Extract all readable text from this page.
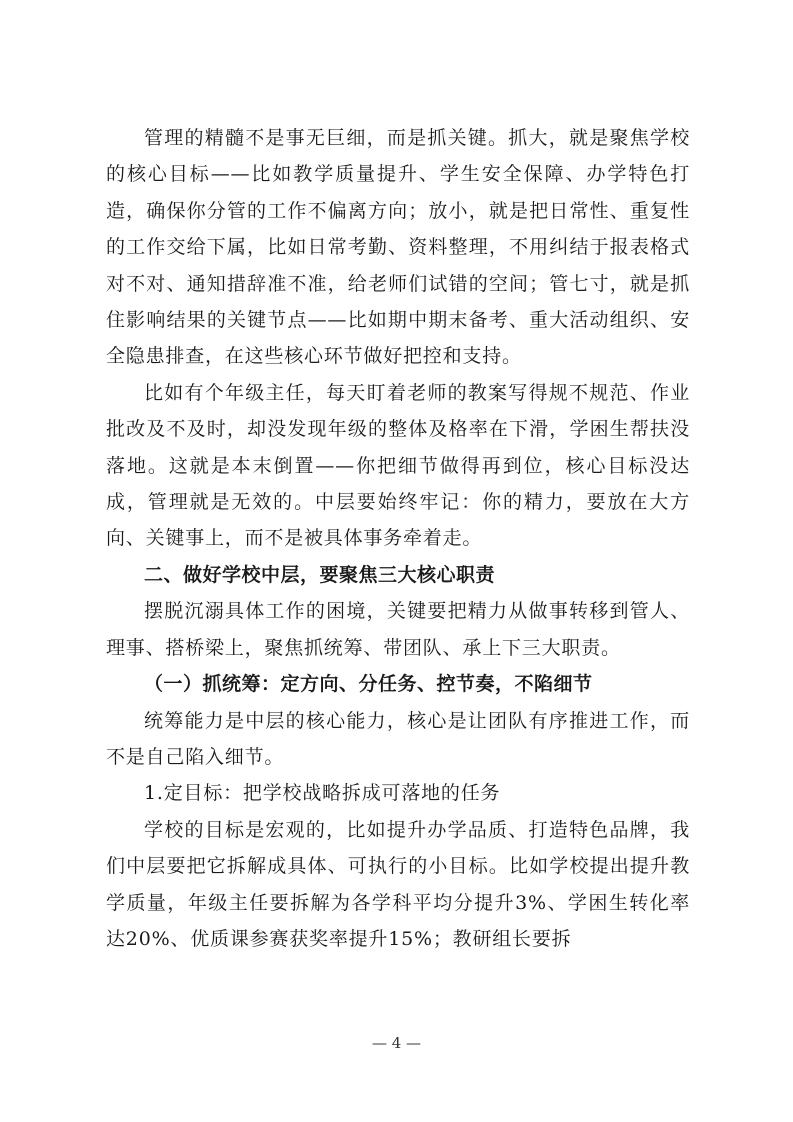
管理的精髓不是事无巨细，而是抓关键。抓大，就是聚焦学校的核心目标——比如教学质量提升、学生安全保障、办学特色打造，确保你分管的工作不偏离方向；放小，就是把日常性、重复性的工作交给下属，比如日常考勤、资料整理，不用纠结于报表格式对不对、通知措辞准不准，给老师们试错的空间；管七寸，就是抓住影响结果的关键节点——比如期中期末备考、重大活动组织、安全隐患排查，在这些核心环节做好把控和支持。

比如有个年级主任，每天盯着老师的教案写得规不规范、作业批改及不及时，却没发现年级的整体及格率在下滑，学困生帮扶没落地。这就是本末倒置——你把细节做得再到位，核心目标没达成，管理就是无效的。中层要始终牢记：你的精力，要放在大方向、关键事上，而不是被具体事务牵着走。

二、做好学校中层，要聚焦三大核心职责

摆脱沉溺具体工作的困境，关键要把精力从做事转移到管人、理事、搭桥梁上，聚焦抓统筹、带团队、承上下三大职责。

（一）抓统筹：定方向、分任务、控节奏，不陷细节

统筹能力是中层的核心能力，核心是让团队有序推进工作，而不是自己陷入细节。

1.定目标：把学校战略拆成可落地的任务

学校的目标是宏观的，比如提升办学品质、打造特色品牌，我们中层要把它拆解成具体、可执行的小目标。比如学校提出提升教学质量，年级主任要拆解为各学科平均分提升3%、学困生转化率达20%、优质课参赛获奖率提升15%；教研组长要拆

— 4 —
